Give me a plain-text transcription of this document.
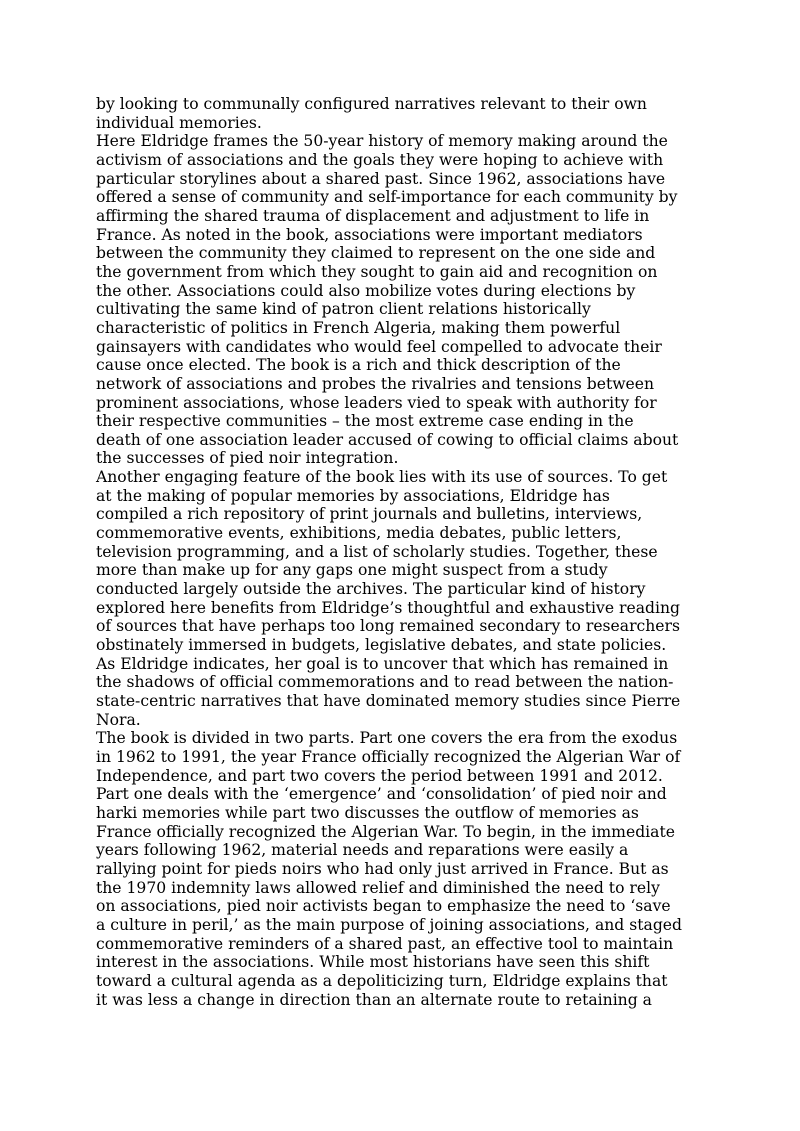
by looking to communally configured narratives relevant to their own
individual memories.
Here Eldridge frames the 50-year history of memory making around the
activism of associations and the goals they were hoping to achieve with
particular storylines about a shared past. Since 1962, associations have
offered a sense of community and self-importance for each community by
affirming the shared trauma of displacement and adjustment to life in
France. As noted in the book, associations were important mediators
between the community they claimed to represent on the one side and
the government from which they sought to gain aid and recognition on
the other. Associations could also mobilize votes during elections by
cultivating the same kind of patron client relations historically
characteristic of politics in French Algeria, making them powerful
gainsayers with candidates who would feel compelled to advocate their
cause once elected. The book is a rich and thick description of the
network of associations and probes the rivalries and tensions between
prominent associations, whose leaders vied to speak with authority for
their respective communities – the most extreme case ending in the
death of one association leader accused of cowing to official claims about
the successes of pied noir integration.
Another engaging feature of the book lies with its use of sources. To get
at the making of popular memories by associations, Eldridge has
compiled a rich repository of print journals and bulletins, interviews,
commemorative events, exhibitions, media debates, public letters,
television programming, and a list of scholarly studies. Together, these
more than make up for any gaps one might suspect from a study
conducted largely outside the archives. The particular kind of history
explored here benefits from Eldridge’s thoughtful and exhaustive reading
of sources that have perhaps too long remained secondary to researchers
obstinately immersed in budgets, legislative debates, and state policies.
As Eldridge indicates, her goal is to uncover that which has remained in
the shadows of official commemorations and to read between the nation-
state-centric narratives that have dominated memory studies since Pierre
Nora.
The book is divided in two parts. Part one covers the era from the exodus
in 1962 to 1991, the year France officially recognized the Algerian War of
Independence, and part two covers the period between 1991 and 2012.
Part one deals with the ‘emergence’ and ‘consolidation’ of pied noir and
harki memories while part two discusses the outflow of memories as
France officially recognized the Algerian War. To begin, in the immediate
years following 1962, material needs and reparations were easily a
rallying point for pieds noirs who had only just arrived in France. But as
the 1970 indemnity laws allowed relief and diminished the need to rely
on associations, pied noir activists began to emphasize the need to ‘save
a culture in peril,’ as the main purpose of joining associations, and staged
commemorative reminders of a shared past, an effective tool to maintain
interest in the associations. While most historians have seen this shift
toward a cultural agenda as a depoliticizing turn, Eldridge explains that
it was less a change in direction than an alternate route to retaining a
